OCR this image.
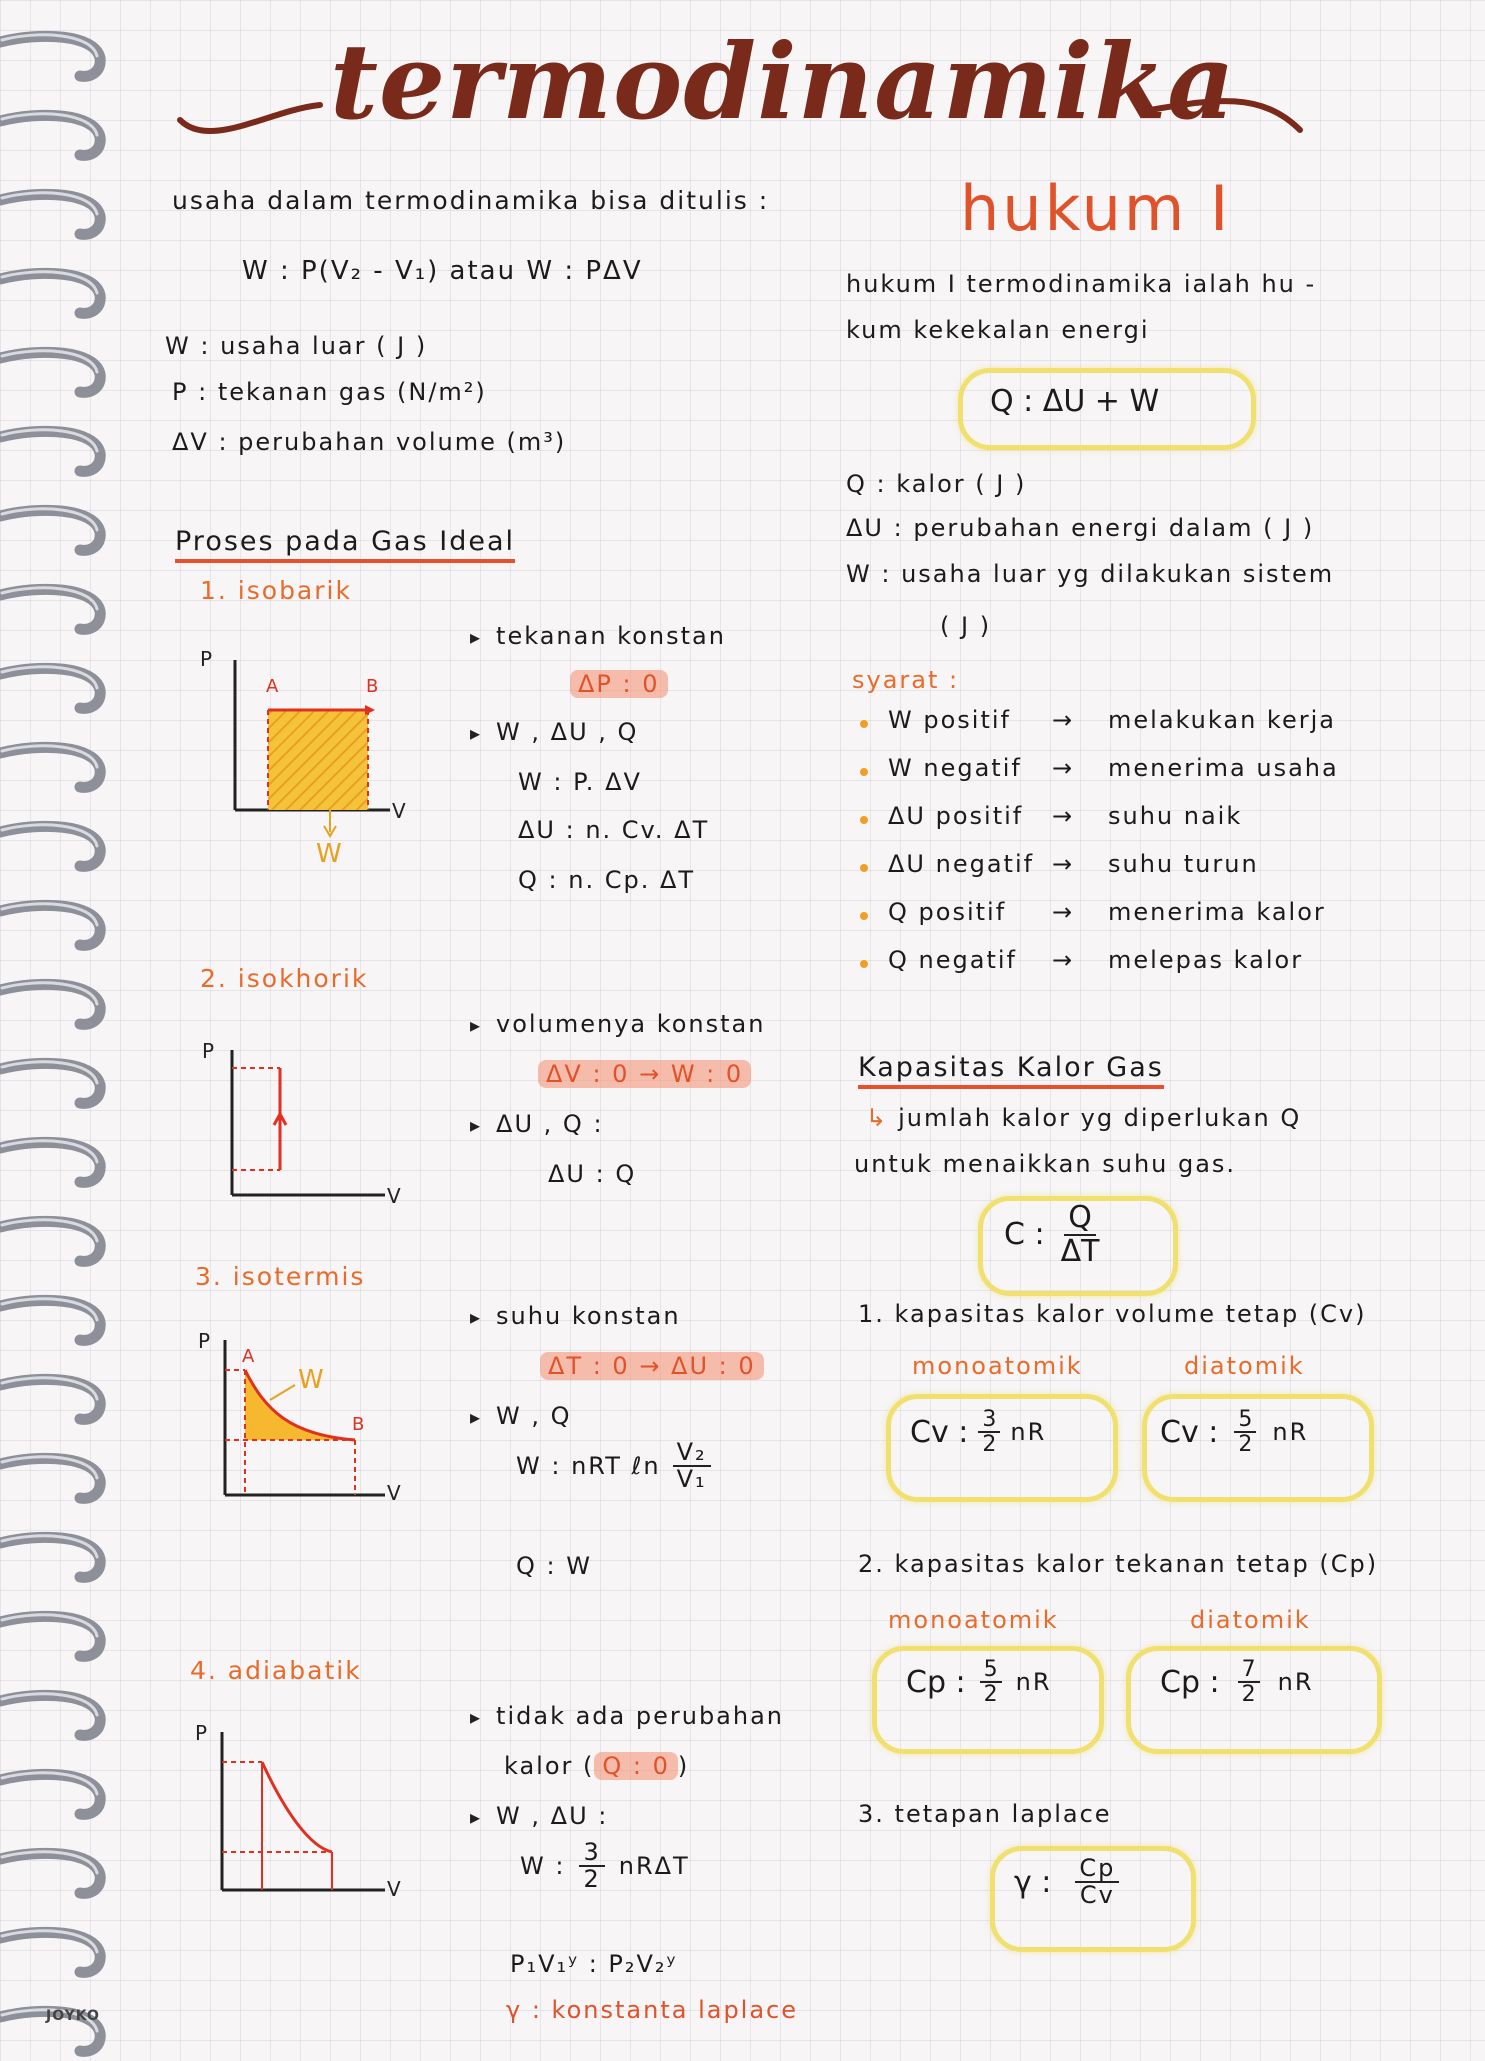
termodinamika
usaha dalam termodinamika bisa ditulis :
W : P(V₂ - V₁) atau W : PΔV
W : usaha luar ( J )
P : tekanan gas (N/m²)
ΔV : perubahan volume (m³)
Proses pada Gas Ideal
1. isobarik
P
V
A	B
W
▸ tekanan konstan
ΔP : 0
▸ W , ΔU , Q
W : P. ΔV
ΔU : n. Cv. ΔT
Q : n. Cp. ΔT
2. isokhorik
P
V
▸ volumenya konstan
ΔV : 0 → W : 0
▸ ΔU , Q :
ΔU : Q
3. isotermis
P
V
A
B
W
▸ suhu konstan
ΔT : 0 → ΔU : 0
▸ W , Q
W : nRT ℓn $\frac{\text{V₂}}{\text{V₁}}$
Q : W
4. adiabatik
P
V
▸ tidak ada perubahan
kalor ( Q : 0 )
▸ W , ΔU :
W : $\frac{3}{2}$ nRΔT
P₁V₁ʸ : P₂V₂ʸ
γ : konstanta laplace
hukum I
hukum I termodinamika ialah hu -
kum kekekalan energi
Q : ΔU + W
Q : kalor ( J )
ΔU : perubahan energi dalam ( J )
W : usaha luar yg dilakukan sistem
( J )
syarat :
W positif → melakukan kerja
W negatif → menerima usaha
ΔU positif → suhu naik
ΔU negatif → suhu turun
Q positif → menerima kalor
Q negatif → melepas kalor
Kapasitas Kalor Gas
↳ jumlah kalor yg diperlukan Q
untuk menaikkan suhu gas.
C : $\frac{Q}{\Delta T}$
1. kapasitas kalor volume tetap (Cv)
monoatomik	diatomik
Cv : $\frac{3}{2}$ nR	Cv : $\frac{5}{2}$ nR
2. kapasitas kalor tekanan tetap (Cp)
monoatomik	diatomik
Cp : $\frac{5}{2}$ nR	Cp : $\frac{7}{2}$ nR
3. tetapan laplace
γ : $\frac{Cp}{Cv}$
JOYKO
